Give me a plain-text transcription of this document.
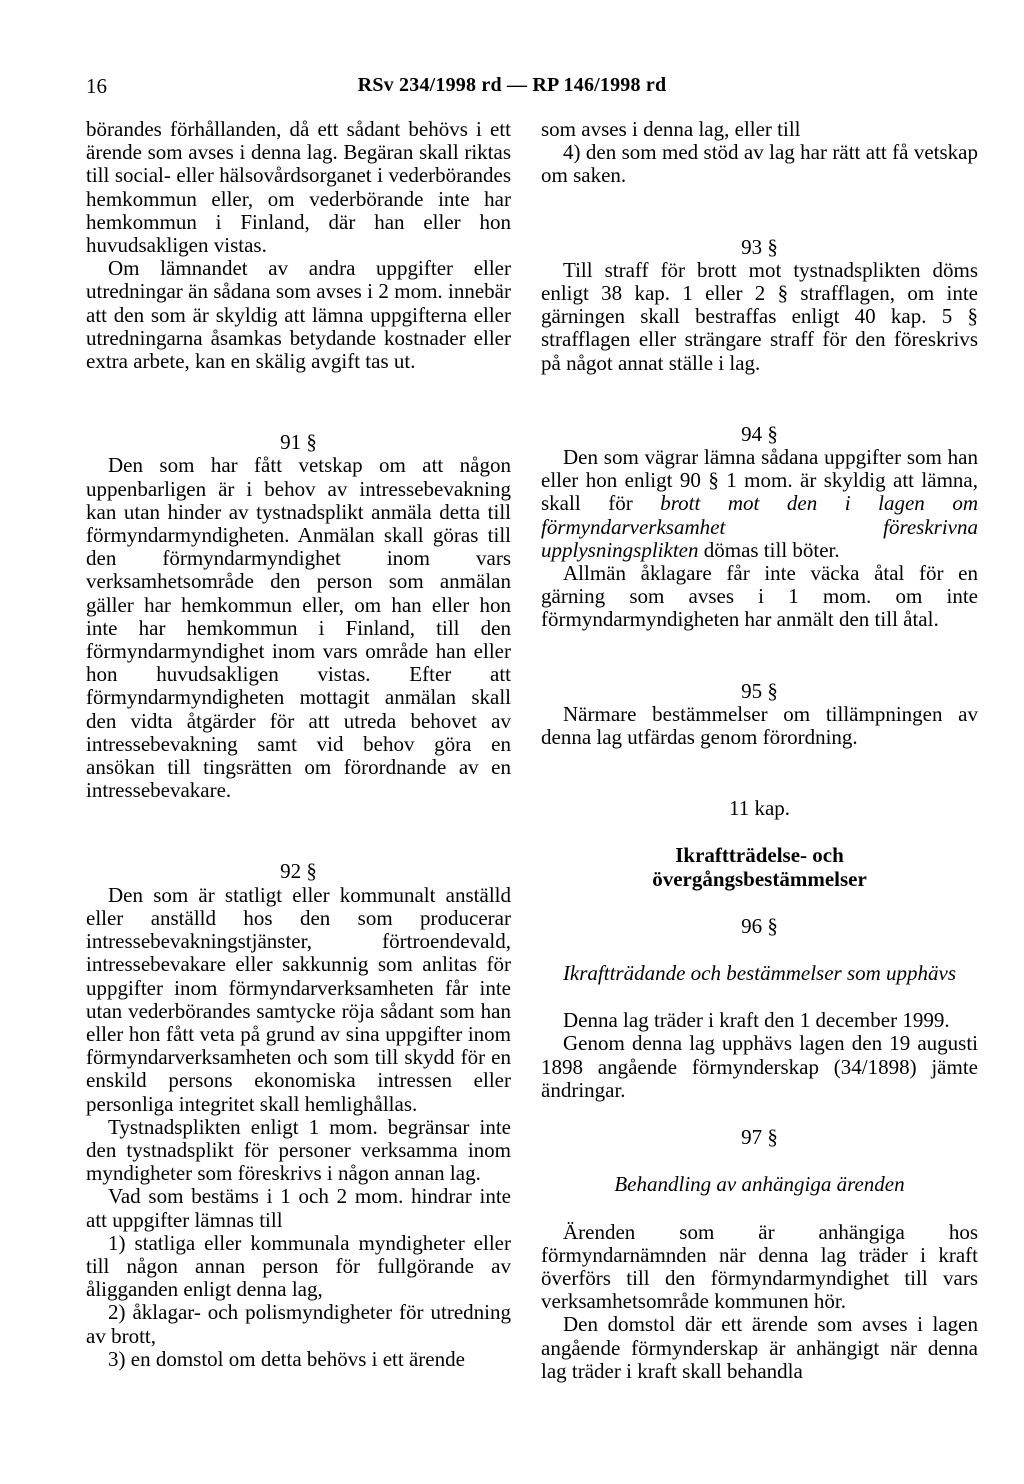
16	RSv 234/1998 rd — RP 146/1998 rd

börandes förhållanden, då ett sådant behövs i ett ärende som avses i denna lag. Begäran skall riktas till social- eller hälsovårdsorganet i vederbörandes hemkommun eller, om vederbörande inte har hemkommun i Finland, där han eller hon huvudsakligen vistas.

Om lämnandet av andra uppgifter eller utredningar än sådana som avses i 2 mom. innebär att den som är skyldig att lämna uppgifterna eller utredningarna åsamkas betydande kostnader eller extra arbete, kan en skälig avgift tas ut.

91 §

Den som har fått vetskap om att någon uppenbarligen är i behov av intressebevakning kan utan hinder av tystnadsplikt anmäla detta till förmyndarmyndigheten. Anmälan skall göras till den förmyndarmyndighet inom vars verksamhetsområde den person som anmälan gäller har hemkommun eller, om han eller hon inte har hemkommun i Finland, till den förmyndarmyndighet inom vars område han eller hon huvudsakligen vistas. Efter att förmyndarmyndigheten mottagit anmälan skall den vidta åtgärder för att utreda behovet av intressebevakning samt vid behov göra en ansökan till tingsrätten om förordnande av en intressebevakare.

92 §

Den som är statligt eller kommunalt anställd eller anställd hos den som producerar intressebevakningstjänster, förtroendevald, intressebevakare eller sakkunnig som anlitas för uppgifter inom förmyndarverksamheten får inte utan vederbörandes samtycke röja sådant som han eller hon fått veta på grund av sina uppgifter inom förmyndarverksamheten och som till skydd för en enskild persons ekonomiska intressen eller personliga integritet skall hemlighållas.

Tystnadsplikten enligt 1 mom. begränsar inte den tystnadsplikt för personer verksamma inom myndigheter som föreskrivs i någon annan lag.

Vad som bestäms i 1 och 2 mom. hindrar inte att uppgifter lämnas till

1) statliga eller kommunala myndigheter eller till någon annan person för fullgörande av åligganden enligt denna lag,

2) åklagar- och polismyndigheter för utredning av brott,

3) en domstol om detta behövs i ett ärende

som avses i denna lag, eller till

4) den som med stöd av lag har rätt att få vetskap om saken.

93 §

Till straff för brott mot tystnadsplikten döms enligt 38 kap. 1 eller 2 § strafflagen, om inte gärningen skall bestraffas enligt 40 kap. 5 § strafflagen eller strängare straff för den föreskrivs på något annat ställe i lag.

94 §

Den som vägrar lämna sådana uppgifter som han eller hon enligt 90 § 1 mom. är skyldig att lämna, skall för brott mot den i lagen om förmyndarverksamhet föreskrivna upplysningsplikten dömas till böter.

Allmän åklagare får inte väcka åtal för en gärning som avses i 1 mom. om inte förmyndarmyndigheten har anmält den till åtal.

95 §

Närmare bestämmelser om tillämpningen av denna lag utfärdas genom förordning.

11 kap.

Ikraftträdelse- och

övergångsbestämmelser

96 §

Ikraftträdande och bestämmelser som upphävs

Denna lag träder i kraft den 1 december 1999.

Genom denna lag upphävs lagen den 19 augusti 1898 angående förmynderskap (34/1898) jämte ändringar.

97 §

Behandling av anhängiga ärenden

Ärenden som är anhängiga hos förmyndarnämnden när denna lag träder i kraft överförs till den förmyndarmyndighet till vars verksamhetsområde kommunen hör.

Den domstol där ett ärende som avses i lagen angående förmynderskap är anhängigt när denna lag träder i kraft skall behandla
